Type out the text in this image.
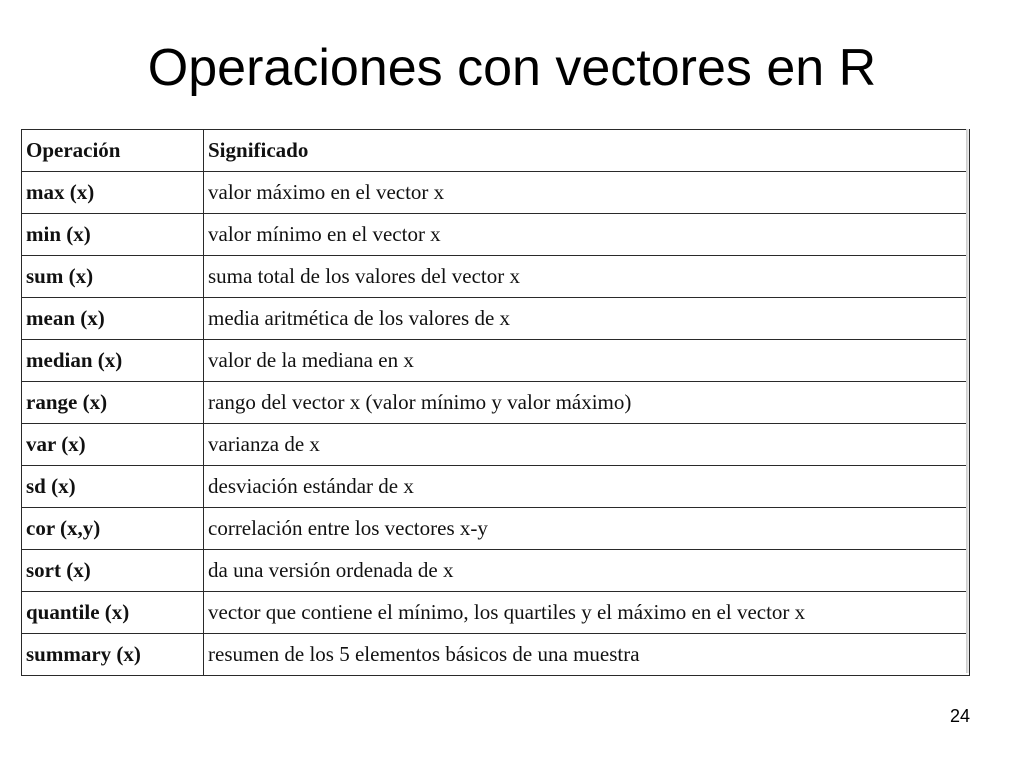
Operaciones con vectores en R
Operación	Significado
max (x)	valor máximo en el vector x
min (x)	valor mínimo en el vector x
sum (x)	suma total de los valores del vector x
mean (x)	media aritmética de los valores de x
median (x)	valor de la mediana en x
range (x)	rango del vector x (valor mínimo y valor máximo)
var (x)	varianza de x
sd (x)	desviación estándar de x
cor (x,y)	correlación entre los vectores x-y
sort (x)	da una versión ordenada de x
quantile (x)	vector que contiene el mínimo, los quartiles y el máximo en el vector x
summary (x)	resumen de los 5 elementos básicos de una muestra
24
